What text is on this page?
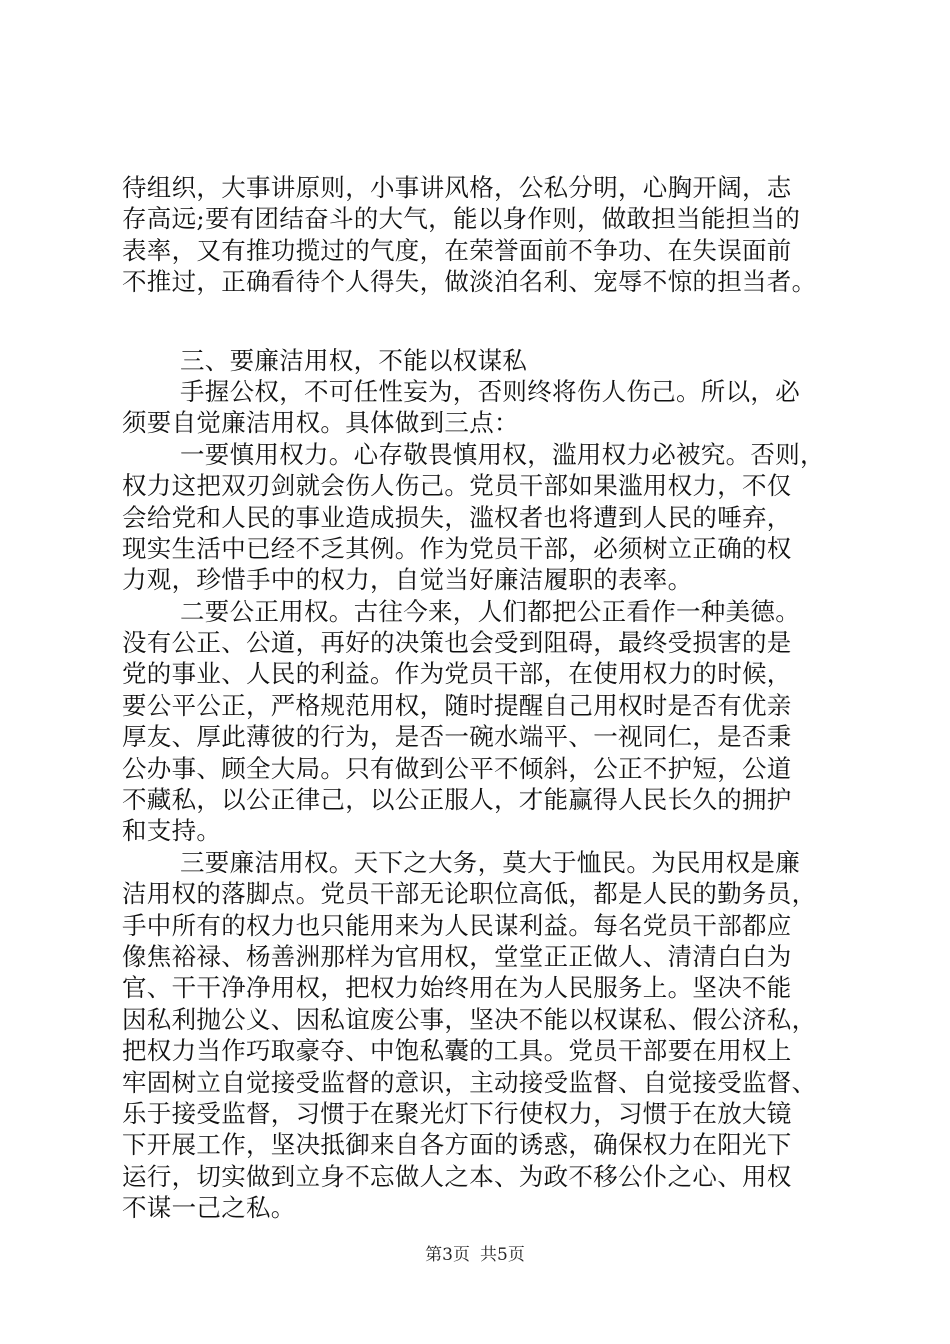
待组织，大事讲原则，小事讲风格，公私分明，心胸开阔，志
存高远;要有团结奋斗的大气，能以身作则，做敢担当能担当的
表率，又有推功揽过的气度，在荣誉面前不争功、在失误面前
不推过，正确看待个人得失，做淡泊名利、宠辱不惊的担当者。
三、要廉洁用权，不能以权谋私
手握公权，不可任性妄为，否则终将伤人伤己。所以，必
须要自觉廉洁用权。具体做到三点：
一要慎用权力。心存敬畏慎用权，滥用权力必被究。否则，
权力这把双刃剑就会伤人伤己。党员干部如果滥用权力，不仅
会给党和人民的事业造成损失，滥权者也将遭到人民的唾弃，
现实生活中已经不乏其例。作为党员干部，必须树立正确的权
力观，珍惜手中的权力，自觉当好廉洁履职的表率。
二要公正用权。古往今来，人们都把公正看作一种美德。
没有公正、公道，再好的决策也会受到阻碍，最终受损害的是
党的事业、人民的利益。作为党员干部，在使用权力的时候，
要公平公正，严格规范用权，随时提醒自己用权时是否有优亲
厚友、厚此薄彼的行为，是否一碗水端平、一视同仁，是否秉
公办事、顾全大局。只有做到公平不倾斜，公正不护短，公道
不藏私，以公正律己，以公正服人，才能赢得人民长久的拥护
和支持。
三要廉洁用权。天下之大务，莫大于恤民。为民用权是廉
洁用权的落脚点。党员干部无论职位高低，都是人民的勤务员，
手中所有的权力也只能用来为人民谋利益。每名党员干部都应
像焦裕禄、杨善洲那样为官用权，堂堂正正做人、清清白白为
官、干干净净用权，把权力始终用在为人民服务上。坚决不能
因私利抛公义、因私谊废公事，坚决不能以权谋私、假公济私，
把权力当作巧取豪夺、中饱私囊的工具。党员干部要在用权上
牢固树立自觉接受监督的意识，主动接受监督、自觉接受监督、
乐于接受监督，习惯于在聚光灯下行使权力，习惯于在放大镜
下开展工作，坚决抵御来自各方面的诱惑，确保权力在阳光下
运行，切实做到立身不忘做人之本、为政不移公仆之心、用权
不谋一己之私。
第3页 共5页
